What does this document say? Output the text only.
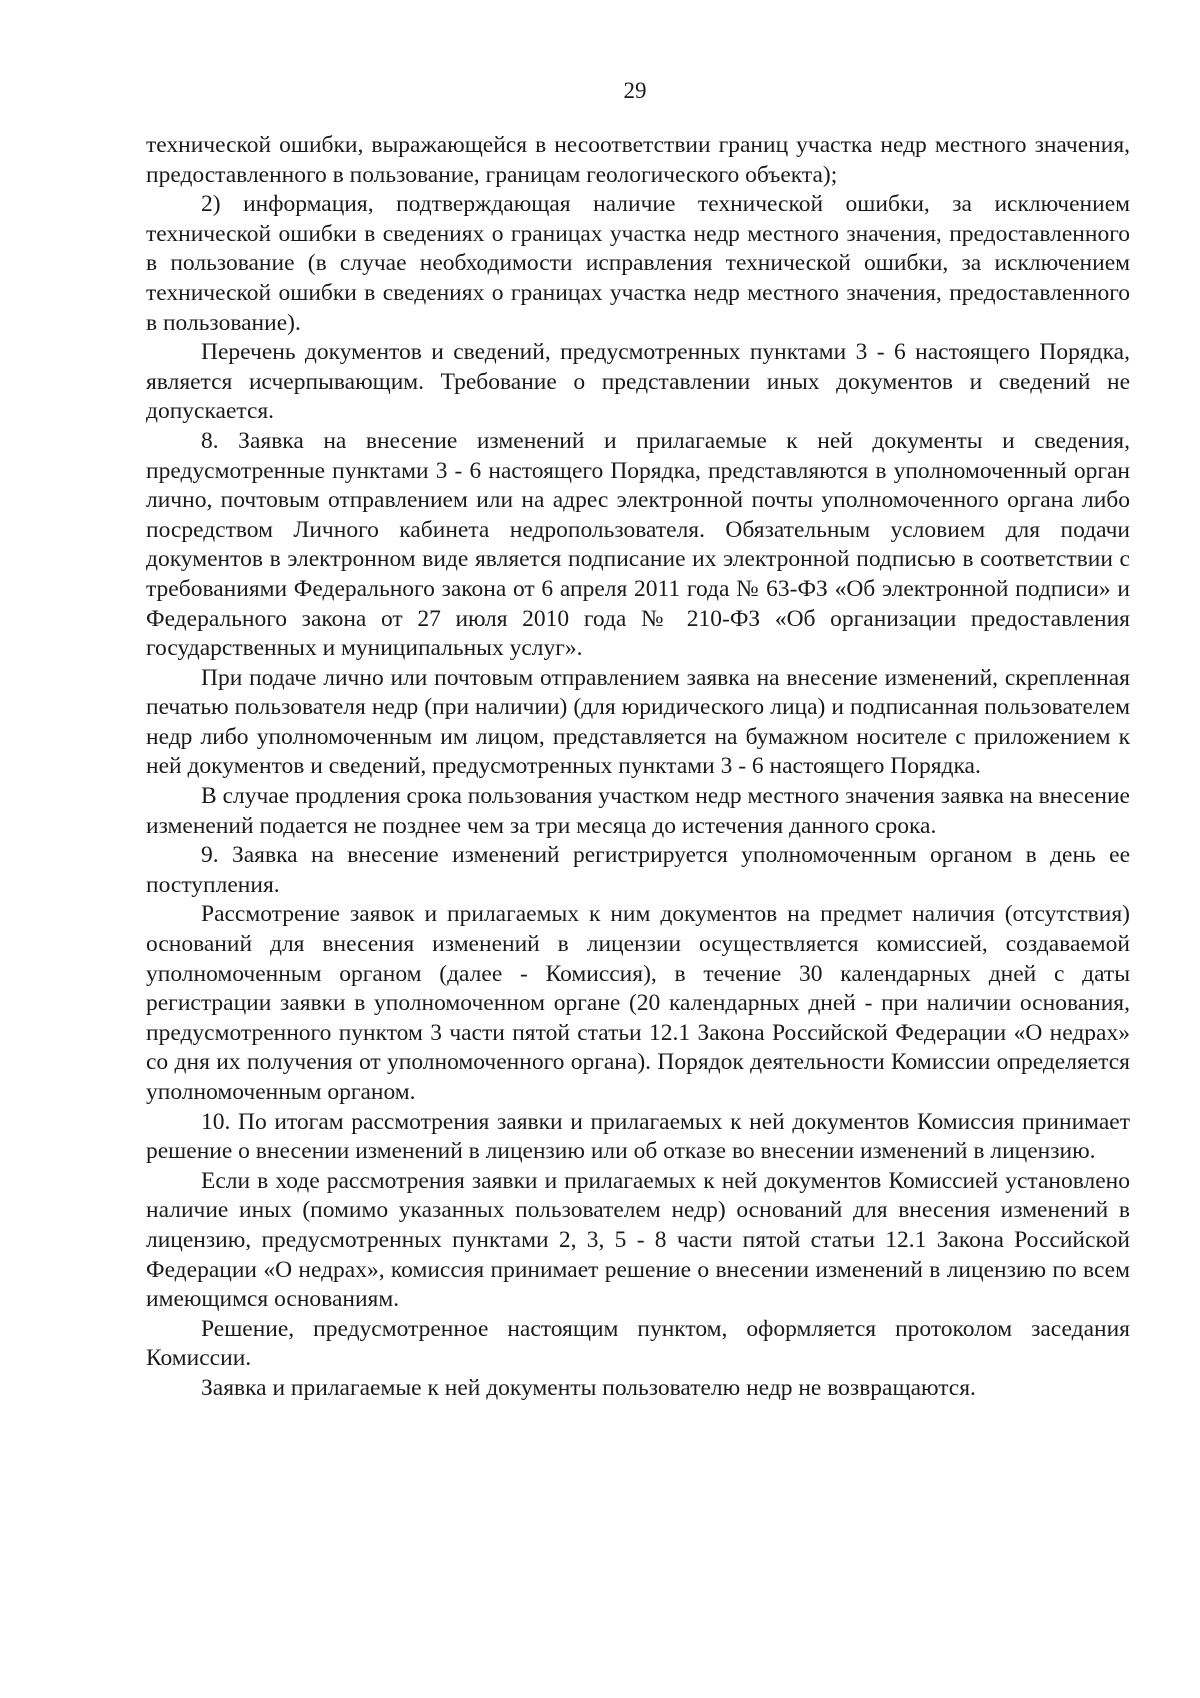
29

технической ошибки, выражающейся в несоответствии границ участка недр местного значения, предоставленного в пользование, границам геологического объекта);

2) информация, подтверждающая наличие технической ошибки, за исключением технической ошибки в сведениях о границах участка недр местного значения, предоставленного в пользование (в случае необходимости исправления технической ошибки, за исключением технической ошибки в сведениях о границах участка недр местного значения, предоставленного в пользование).

Перечень документов и сведений, предусмотренных пунктами 3 - 6 настоящего Порядка, является исчерпывающим. Требование о представлении иных документов и сведений не допускается.

8. Заявка на внесение изменений и прилагаемые к ней документы и сведения, предусмотренные пунктами 3 - 6 настоящего Порядка, представляются в уполномоченный орган лично, почтовым отправлением или на адрес электронной почты уполномоченного органа либо посредством Личного кабинета недропользователя. Обязательным условием для подачи документов в электронном виде является подписание их электронной подписью в соответствии с требованиями Федерального закона от 6 апреля 2011 года № 63-ФЗ «Об электронной подписи» и Федерального закона от 27 июля 2010 года № 210-ФЗ «Об организации предоставления государственных и муниципальных услуг».

При подаче лично или почтовым отправлением заявка на внесение изменений, скрепленная печатью пользователя недр (при наличии) (для юридического лица) и подписанная пользователем недр либо уполномоченным им лицом, представляется на бумажном носителе с приложением к ней документов и сведений, предусмотренных пунктами 3 - 6 настоящего Порядка.

В случае продления срока пользования участком недр местного значения заявка на внесение изменений подается не позднее чем за три месяца до истечения данного срока.

9. Заявка на внесение изменений регистрируется уполномоченным органом в день ее поступления.

Рассмотрение заявок и прилагаемых к ним документов на предмет наличия (отсутствия) оснований для внесения изменений в лицензии осуществляется комиссией, создаваемой уполномоченным органом (далее - Комиссия), в течение 30 календарных дней с даты регистрации заявки в уполномоченном органе (20 календарных дней - при наличии основания, предусмотренного пунктом 3 части пятой статьи 12.1 Закона Российской Федерации «О недрах» со дня их получения от уполномоченного органа). Порядок деятельности Комиссии определяется уполномоченным органом.

10. По итогам рассмотрения заявки и прилагаемых к ней документов Комиссия принимает решение о внесении изменений в лицензию или об отказе во внесении изменений в лицензию.

Если в ходе рассмотрения заявки и прилагаемых к ней документов Комиссией установлено наличие иных (помимо указанных пользователем недр) оснований для внесения изменений в лицензию, предусмотренных пунктами 2, 3, 5 - 8 части пятой статьи 12.1 Закона Российской Федерации «О недрах», комиссия принимает решение о внесении изменений в лицензию по всем имеющимся основаниям.

Решение, предусмотренное настоящим пунктом, оформляется протоколом заседания Комиссии.

Заявка и прилагаемые к ней документы пользователю недр не возвращаются.
